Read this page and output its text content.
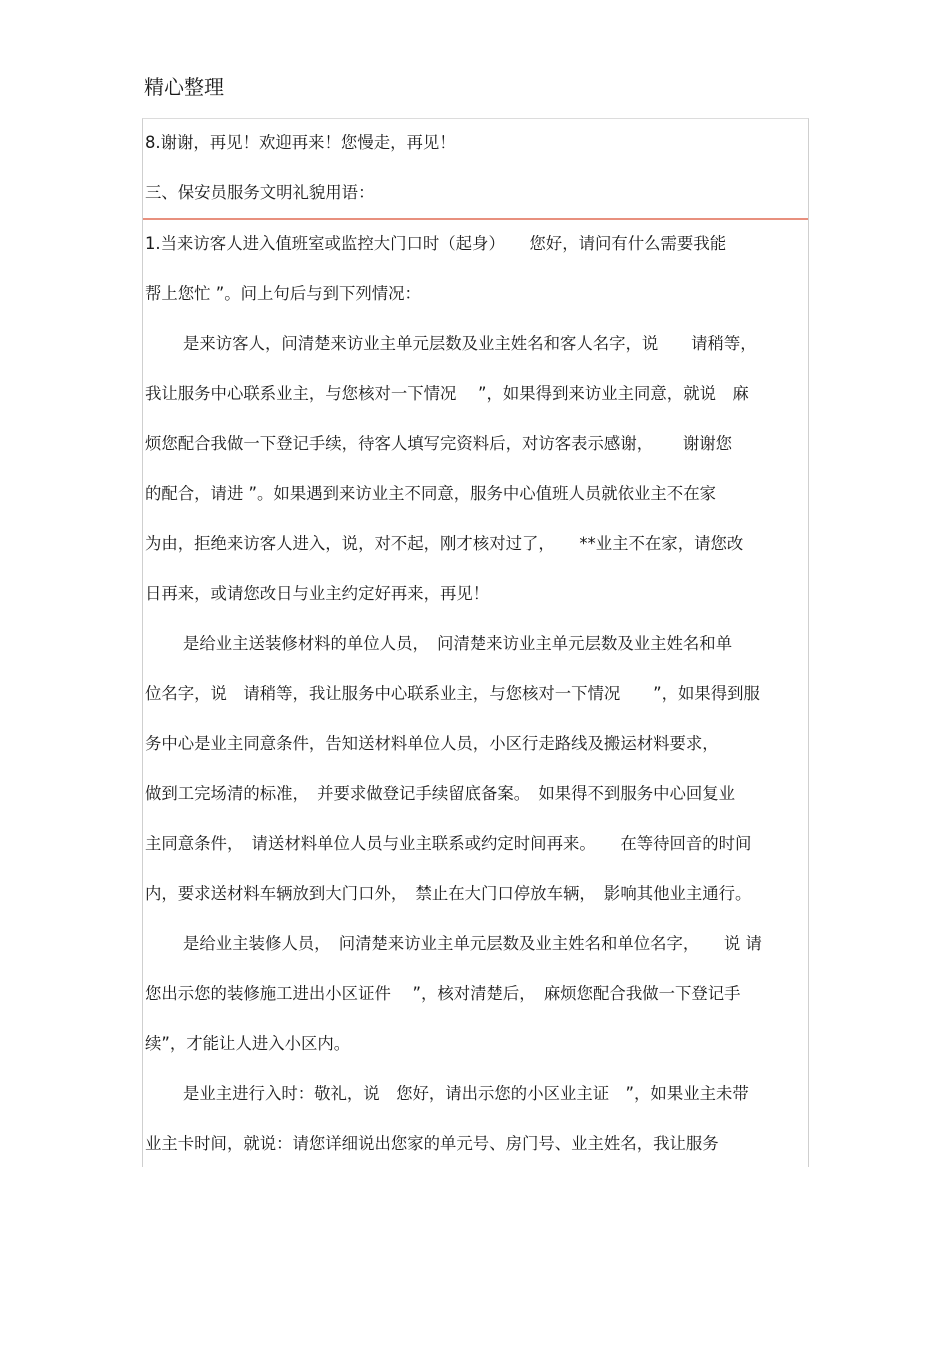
精心整理
8.谢谢，再见！欢迎再来！您慢走，再见！
三、保安员服务文明礼貌用语：
1.当来访客人进入值班室或监控大门口时（起身）　　您好，请问有什么需要我能
帮上您忙 ”。问上句后与到下列情况：
是来访客人，问清楚来访业主单元层数及业主姓名和客人名字，说　　请稍等，
我让服务中心联系业主，与您核对一下情况　 ”，如果得到来访业主同意，就说　麻
烦您配合我做一下登记手续，待客人填写完资料后，对访客表示感谢，　　 谢谢您
的配合，请进 ”。如果遇到来访业主不同意，服务中心值班人员就依业主不在家
为由，拒绝来访客人进入，说，对不起，刚才核对过了，　　**业主不在家，请您改
日再来，或请您改日与业主约定好再来，再见！
是给业主送装修材料的单位人员，　问清楚来访业主单元层数及业主姓名和单
位名字，说　请稍等，我让服务中心联系业主，与您核对一下情况　　”，如果得到服
务中心是业主同意条件，告知送材料单位人员，小区行走路线及搬运材料要求，
做到工完场清的标准，　并要求做登记手续留底备案。　如果得不到服务中心回复业
主同意条件，　请送材料单位人员与业主联系或约定时间再来。　　在等待回音的时间
内，要求送材料车辆放到大门口外，　禁止在大门口停放车辆，　影响其他业主通行。
是给业主装修人员，　问清楚来访业主单元层数及业主姓名和单位名字，　　说 请
您出示您的装修施工进出小区证件　 ”，核对清楚后，　麻烦您配合我做一下登记手
续”，才能让人进入小区内。
是业主进行入时：敬礼，说　您好，请出示您的小区业主证　”，如果业主未带
业主卡时间，就说：请您详细说出您家的单元号、房门号、业主姓名，我让服务
